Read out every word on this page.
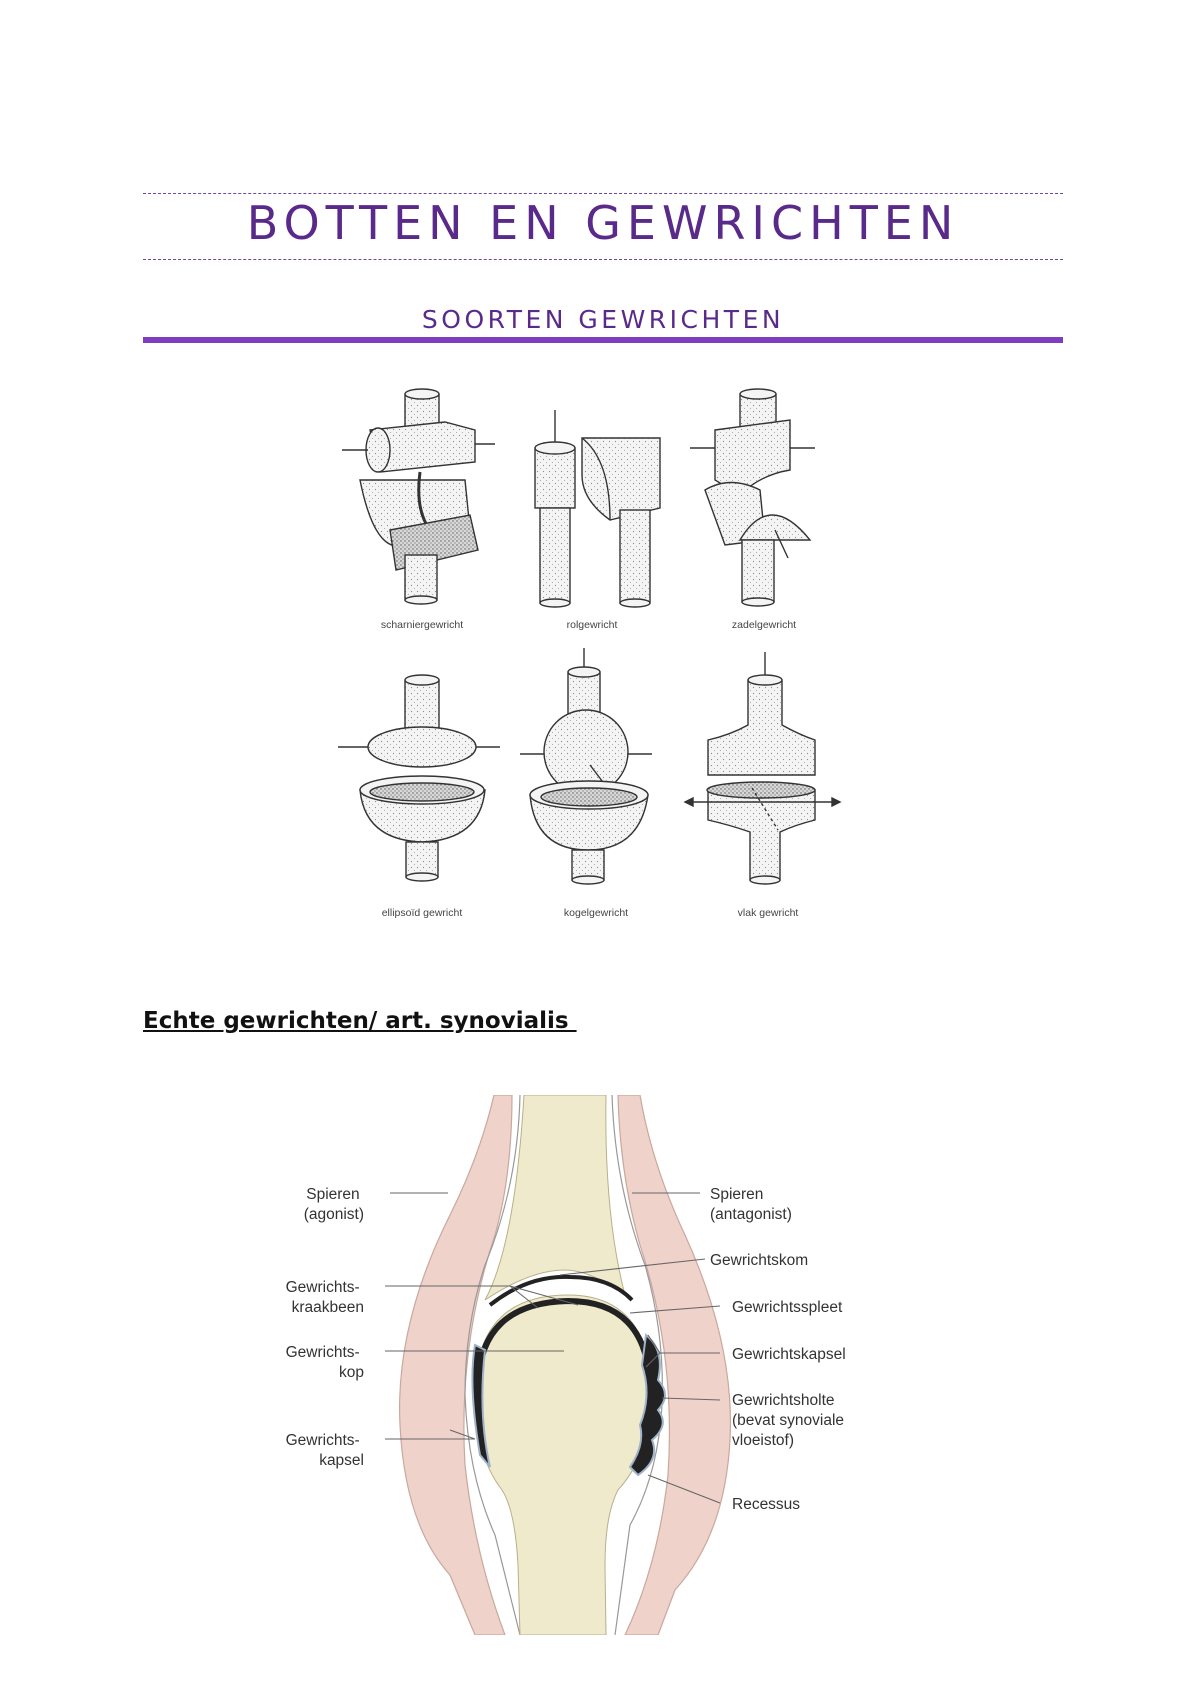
BOTTEN EN GEWRICHTEN
SOORTEN GEWRICHTEN
scharniergewricht	rolgewricht	zadelgewricht
ellipsoïd gewricht	kogelgewricht	vlak gewricht
Echte gewrichten/ art. synovialis
Spieren (agonist)
Spieren (antagonist)
Gewrichtskom
Gewrichts- kraakbeen	Gewrichtsspleet
Gewrichts- kop
Gewrichtskapsel
Gewrichtsholte (bevat synoviale vloeistof)
Gewrichts- kapsel
Recessus
